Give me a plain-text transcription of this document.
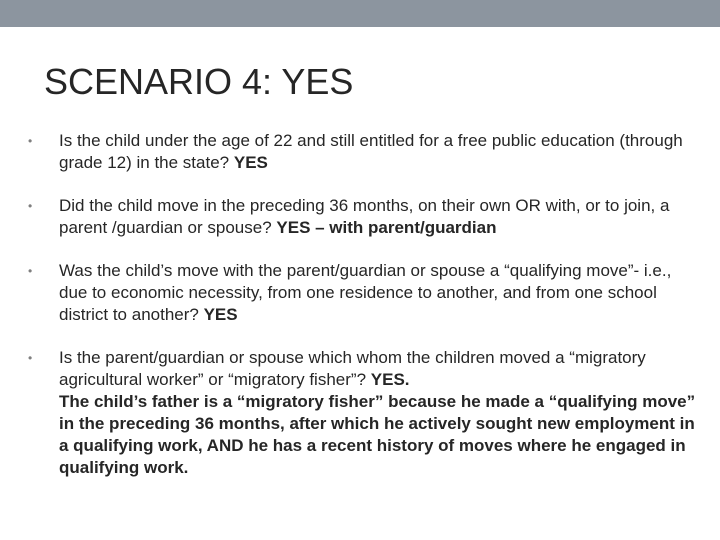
SCENARIO 4: YES
•	Is the child under the age of 22 and still entitled for a free public education (through grade 12) in the state? YES
•	Did the child move in the preceding 36 months, on their own OR with, or to join, a parent /guardian or spouse? YES – with parent/guardian
•	Was the child’s move with the parent/guardian or spouse a “qualifying move”- i.e., due to economic necessity, from one residence to another, and from one school district to another? YES
•	Is the parent/guardian or spouse which whom the children moved a “migratory agricultural worker” or “migratory fisher”? YES.

The child’s father is a “migratory fisher” because he made a “qualifying move” in the preceding 36 months, after which he actively sought new employment in a qualifying work, AND he has a recent history of moves where he engaged in qualifying work.
